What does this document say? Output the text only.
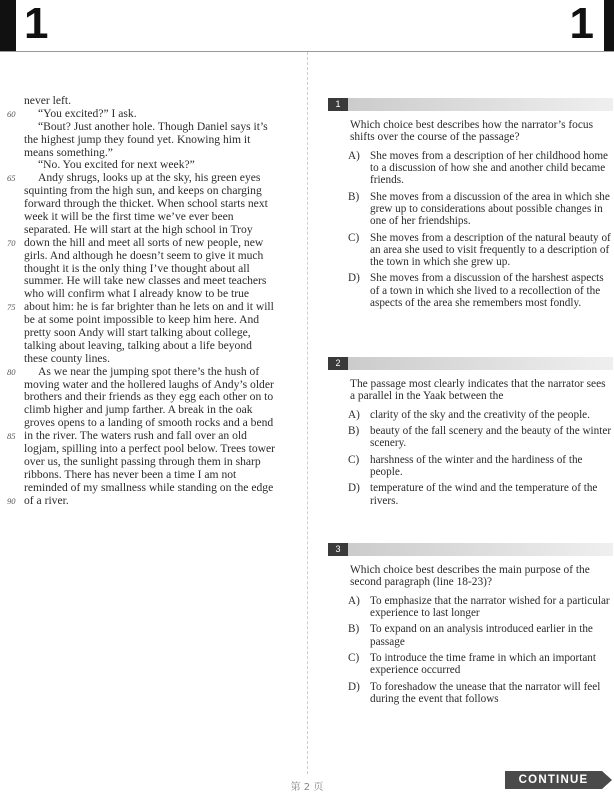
1	1
never left.
60 “You excited?” I ask.
“Bout? Just another hole. Though Daniel says it’s
the highest jump they found yet. Knowing him it
means something.”
“No. You excited for next week?”
65 Andy shrugs, looks up at the sky, his green eyes
squinting from the high sun, and keeps on charging
forward through the thicket. When school starts next
week it will be the first time we’ve ever been
separated. He will start at the high school in Troy
70 down the hill and meet all sorts of new people, new
girls. And although he doesn’t seem to give it much
thought it is the only thing I’ve thought about all
summer. He will take new classes and meet teachers
who will confirm what I already know to be true
75 about him: he is far brighter than he lets on and it will
be at some point impossible to keep him here. And
pretty soon Andy will start talking about college,
talking about leaving, talking about a life beyond
these county lines.
80 As we near the jumping spot there’s the hush of
moving water and the hollered laughs of Andy’s older
brothers and their friends as they egg each other on to
climb higher and jump farther. A break in the oak
groves opens to a landing of smooth rocks and a bend
85 in the river. The waters rush and fall over an old
logjam, spilling into a perfect pool below. Trees tower
over us, the sunlight passing through them in sharp
ribbons. There has never been a time I am not
reminded of my smallness while standing on the edge
90 of a river.
1
Which choice best describes how the narrator’s focus shifts over the course of the passage?
A) She moves from a description of her childhood home to a discussion of how she and another child became friends.
B) She moves from a discussion of the area in which she grew up to considerations about possible changes in one of her friendships.
C) She moves from a description of the natural beauty of an area she used to visit frequently to a description of the town in which she grew up.
D) She moves from a discussion of the harshest aspects of a town in which she lived to a recollection of the aspects of the area she remembers most fondly.
2
The passage most clearly indicates that the narrator sees a parallel in the Yaak between the
A) clarity of the sky and the creativity of the people.
B) beauty of the fall scenery and the beauty of the winter scenery.
C) harshness of the winter and the hardiness of the people.
D) temperature of the wind and the temperature of the rivers.
3
Which choice best describes the main purpose of the second paragraph (line 18-23)?
A) To emphasize that the narrator wished for a particular experience to last longer
B) To expand on an analysis introduced earlier in the passage
C) To introduce the time frame in which an important experience occurred
D) To foreshadow the unease that the narrator will feel during the event that follows
第 2 页
CONTINUE
